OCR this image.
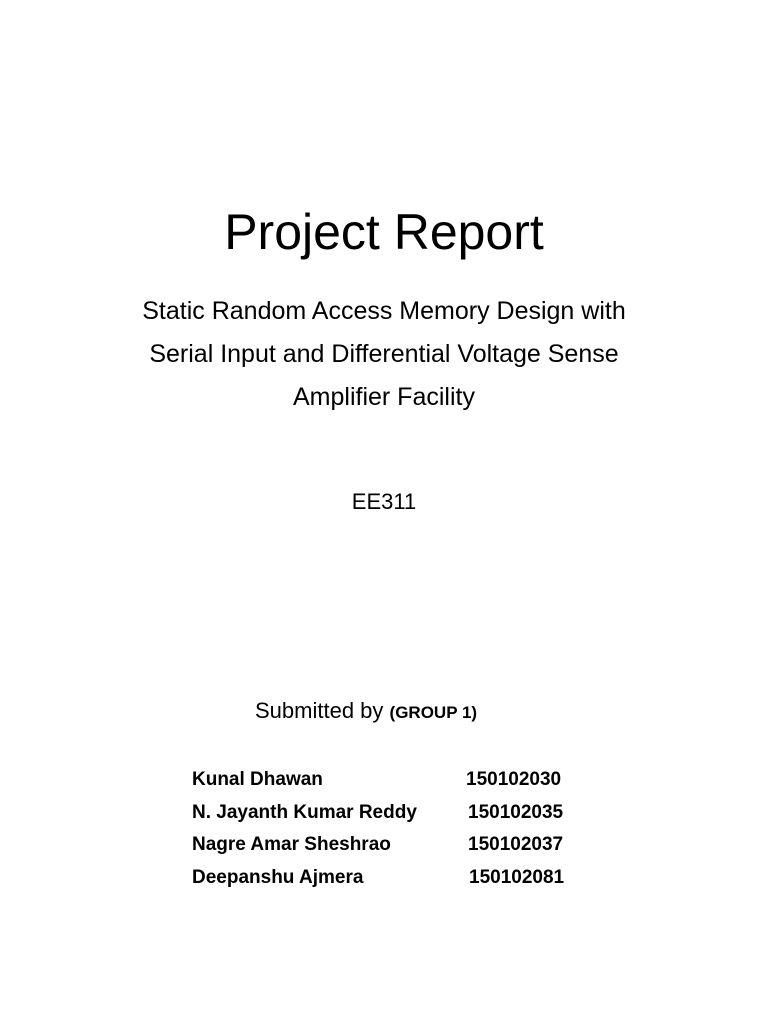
Project Report
Static Random Access Memory Design with
Serial Input and Differential Voltage Sense
Amplifier Facility
EE311
Submitted by (GROUP 1)
Kunal Dhawan	150102030
N. Jayanth Kumar Reddy	150102035
Nagre Amar Sheshrao	150102037
Deepanshu Ajmera	150102081
